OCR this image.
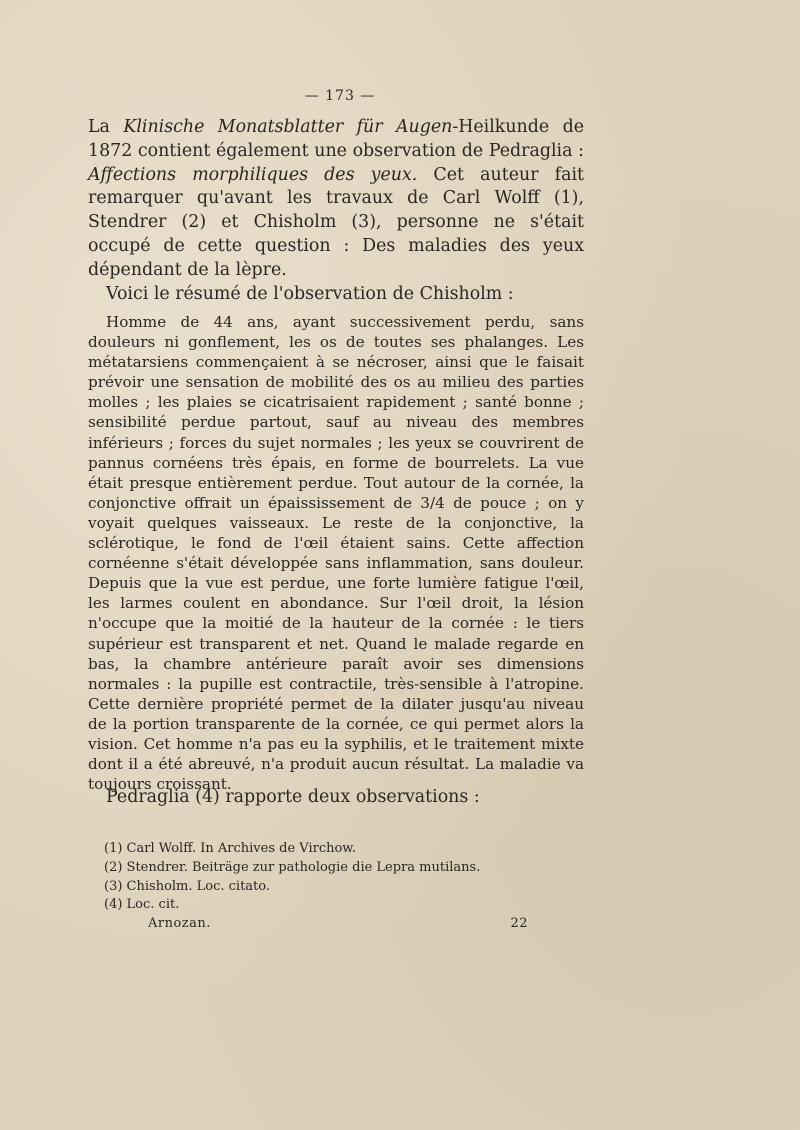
— 173 —

La Klinische Monatsblatter für Augen-Heilkunde de 1872 contient également une observation de Pedraglia : Affections morphiliques des yeux. Cet auteur fait remarquer qu'avant les travaux de Carl Wolff (1), Stendrer (2) et Chisholm (3), personne ne s'était occupé de cette question : Des maladies des yeux dépendant de la lèpre.

Voici le résumé de l'observation de Chisholm :

Homme de 44 ans, ayant successivement perdu, sans douleurs ni gonflement, les os de toutes ses phalanges. Les métatarsiens commençaient à se nécroser, ainsi que le faisait prévoir une sensation de mobilité des os au milieu des parties molles ; les plaies se cicatrisaient rapidement ; santé bonne ; sensibilité perdue partout, sauf au niveau des membres inférieurs ; forces du sujet normales ; les yeux se couvrirent de pannus cornéens très épais, en forme de bourrelets. La vue était presque entièrement perdue. Tout autour de la cornée, la conjonctive offrait un épaississement de 3/4 de pouce ; on y voyait quelques vaisseaux. Le reste de la conjonctive, la sclérotique, le fond de l'œil étaient sains. Cette affection cornéenne s'était développée sans inflammation, sans douleur. Depuis que la vue est perdue, une forte lumière fatigue l'œil, les larmes coulent en abondance. Sur l'œil droit, la lésion n'occupe que la moitié de la hauteur de la cornée : le tiers supérieur est transparent et net. Quand le malade regarde en bas, la chambre antérieure paraît avoir ses dimensions normales : la pupille est contractile, très-sensible à l'atropine. Cette dernière propriété permet de la dilater jusqu'au niveau de la portion transparente de la cornée, ce qui permet alors la vision. Cet homme n'a pas eu la syphilis, et le traitement mixte dont il a été abreuvé, n'a produit aucun résultat. La maladie va toujours croissant.

Pedraglia (4) rapporte deux observations :

(1) Carl Wolff. In Archives de Virchow.

(2) Stendrer. Beiträge zur pathologie die Lepra mutilans.

(3) Chisholm. Loc. citato.

(4) Loc. cit.

Arnozan.	22
